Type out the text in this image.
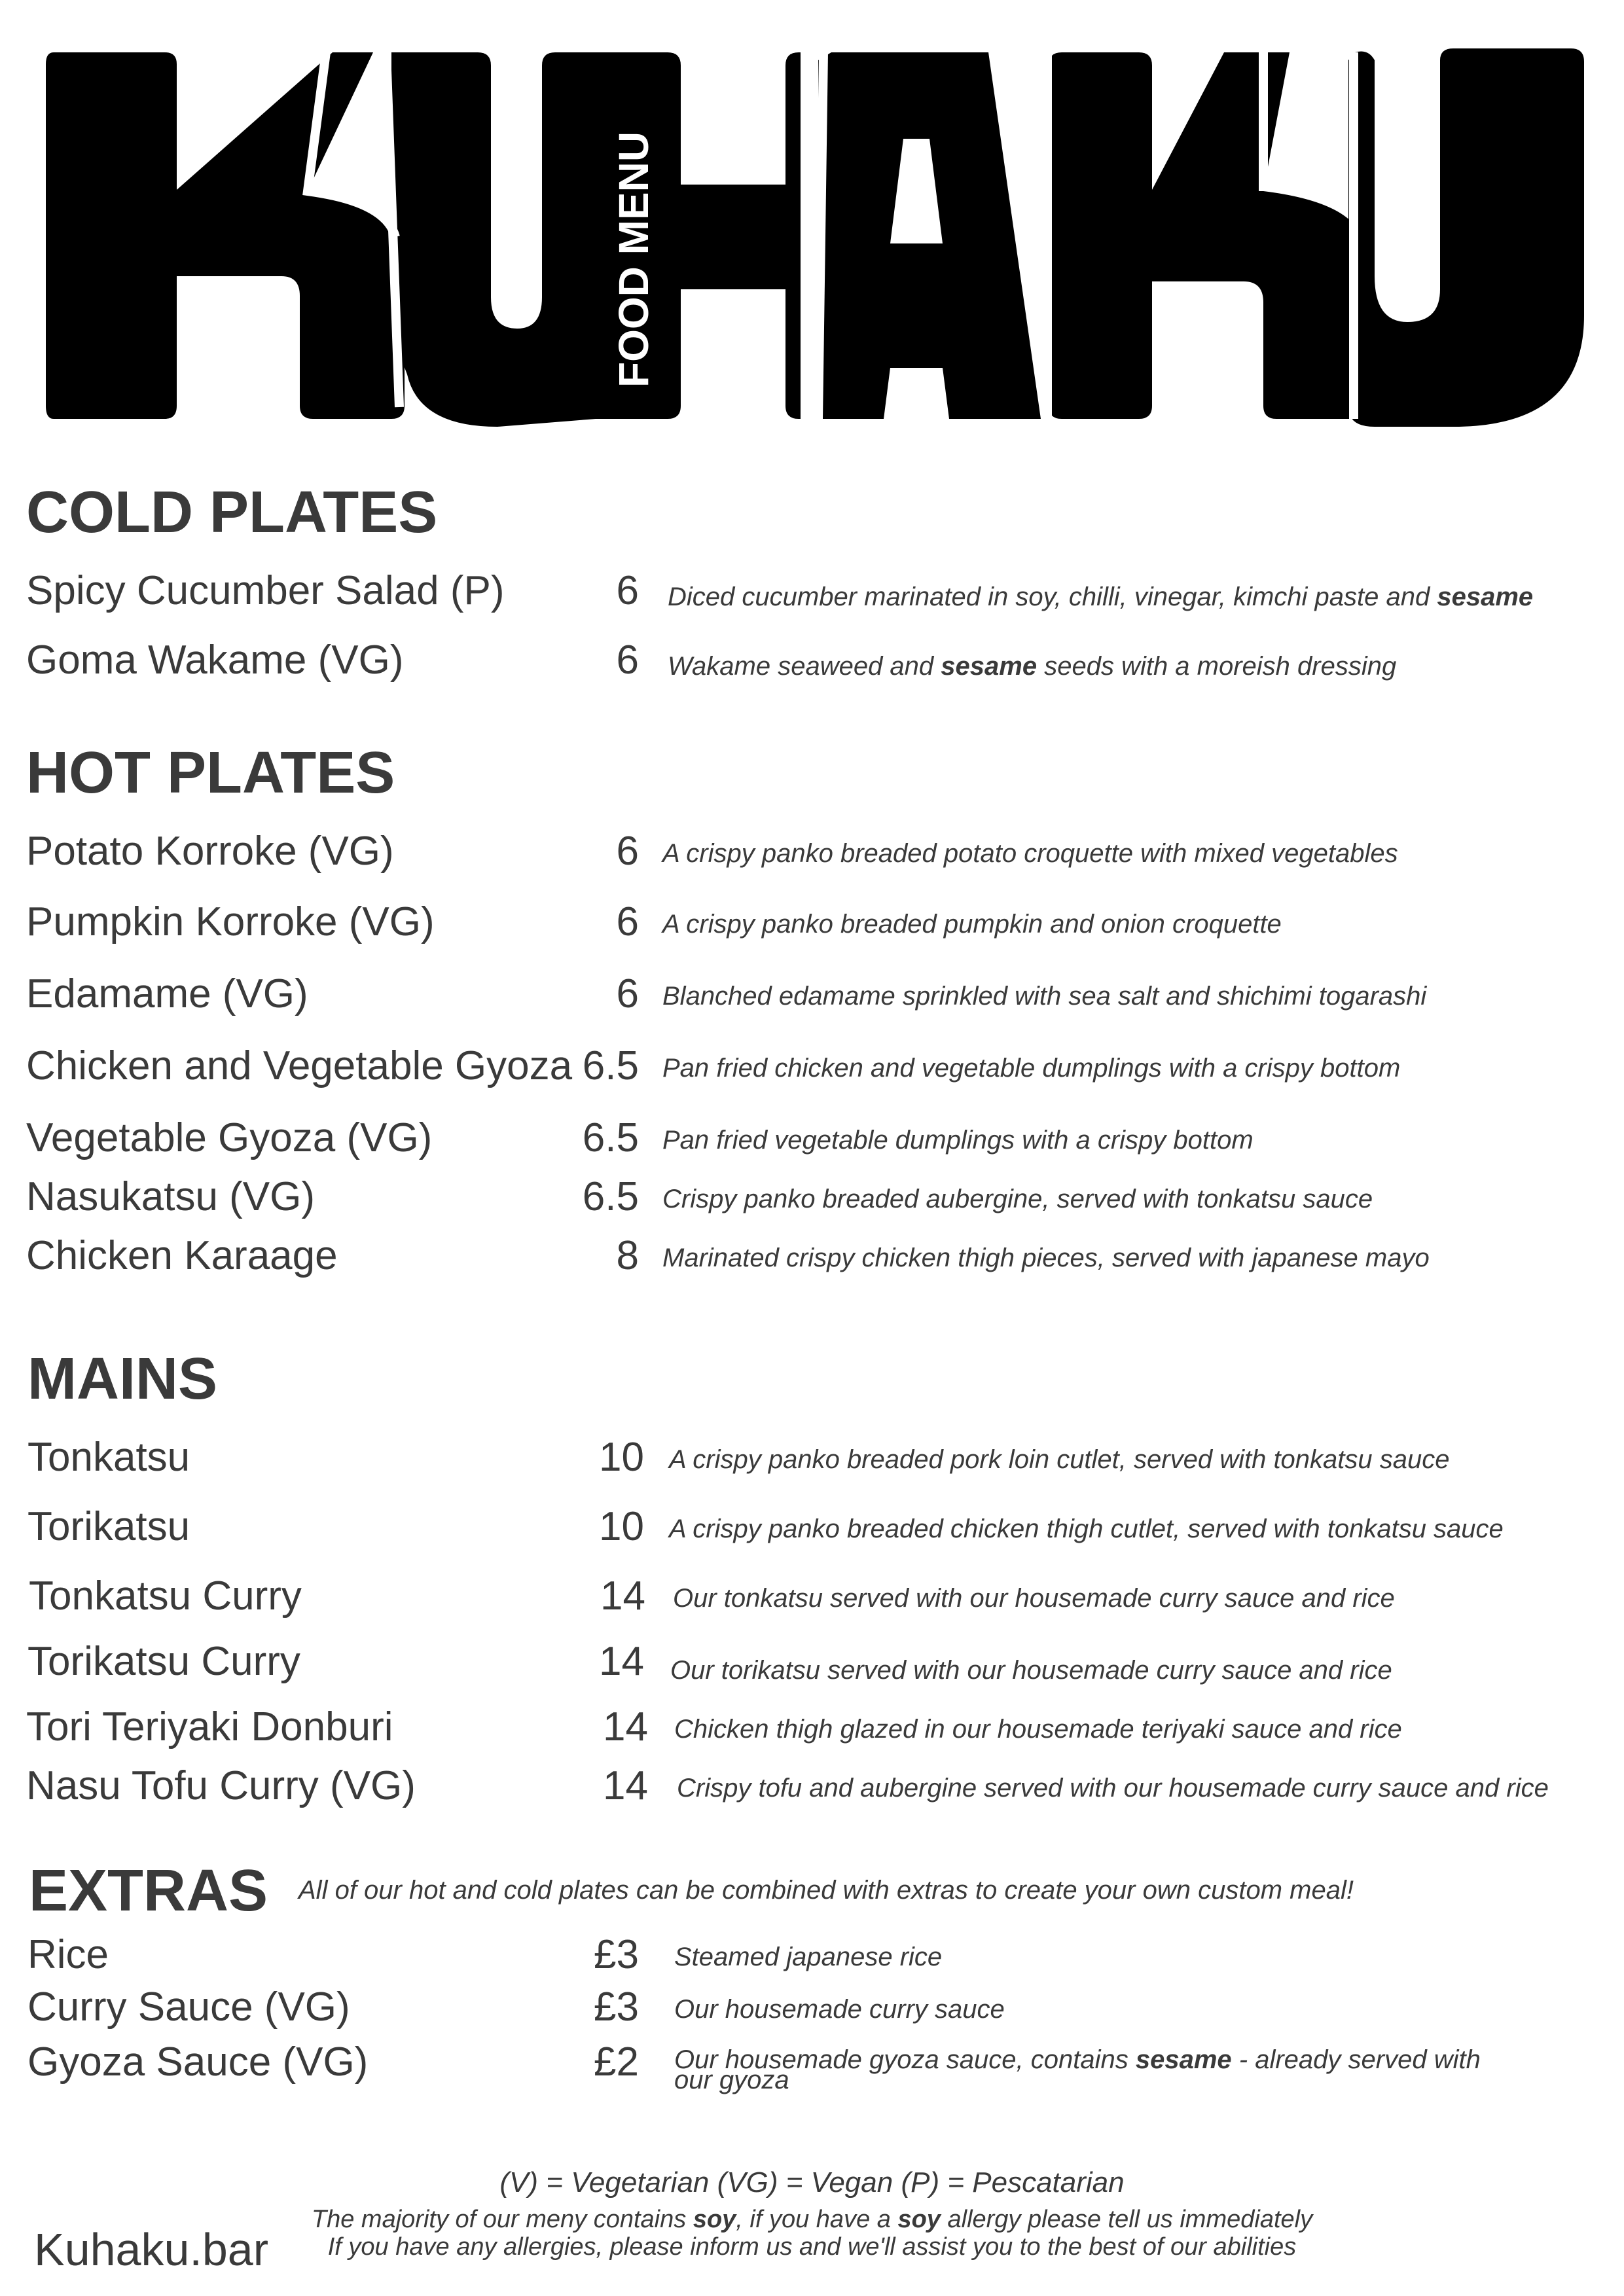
FOOD MENU
COLD PLATES
Spicy Cucumber Salad (P)	6 Diced cucumber marinated in soy, chilli, vinegar, kimchi paste and sesame
Goma Wakame (VG)	6 Wakame seaweed and sesame seeds with a moreish dressing
HOT PLATES
Potato Korroke (VG)	6 A crispy panko breaded potato croquette with mixed vegetables
Pumpkin Korroke (VG)	6 A crispy panko breaded pumpkin and onion croquette
Edamame (VG)	6 Blanched edamame sprinkled with sea salt and shichimi togarashi
Chicken and Vegetable Gyoza 6.5 Pan fried chicken and vegetable dumplings with a crispy bottom
Vegetable Gyoza (VG)	6.5 Pan fried vegetable dumplings with a crispy bottom
Nasukatsu (VG)	6.5 Crispy panko breaded aubergine, served with tonkatsu sauce
Chicken Karaage	8 Marinated crispy chicken thigh pieces, served with japanese mayo
MAINS
Tonkatsu	10 A crispy panko breaded pork loin cutlet, served with tonkatsu sauce
Torikatsu	10 A crispy panko breaded chicken thigh cutlet, served with tonkatsu sauce
Tonkatsu Curry	14 Our tonkatsu served with our housemade curry sauce and rice
Torikatsu Curry	14 Our torikatsu served with our housemade curry sauce and rice
Tori Teriyaki Donburi	14 Chicken thigh glazed in our housemade teriyaki sauce and rice
Nasu Tofu Curry (VG)	14 Crispy tofu and aubergine served with our housemade curry sauce and rice
EXTRAS All of our hot and cold plates can be combined with extras to create your own custom meal!
Rice	£3 Steamed japanese rice
Curry Sauce (VG)	£3 Our housemade curry sauce
Gyoza Sauce (VG)	£2 Our housemade gyoza sauce, contains sesame - already served with
our gyoza
(V) = Vegetarian (VG) = Vegan (P) = Pescatarian
The majority of our meny contains soy, if you have a soy allergy please tell us immediately
If you have any allergies, please inform us and we'll assist you to the best of our abilities
Kuhaku.bar
